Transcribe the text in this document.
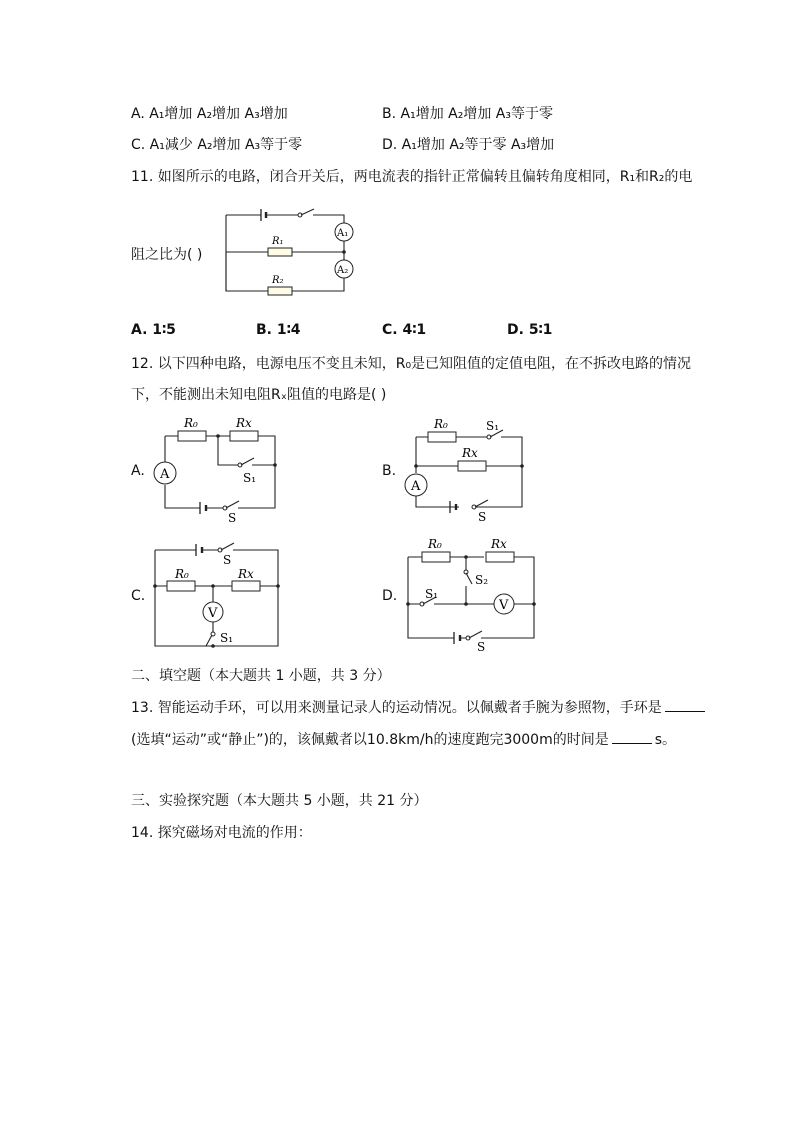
A. A₁增加 A₂增加 A₃增加	B. A₁增加 A₂增加 A₃等于零
C. A₁减少 A₂增加 A₃等于零	D. A₁增加 A₂等于零 A₃增加
11. 如图所示的电路，闭合开关后，两电流表的指针正常偏转且偏转角度相同，R₁和R₂的电
阻之比为( )
A₁
R₁
A₂
R₂
A. 1∶5	B. 1∶4	C. 4∶1	D. 5∶1
12. 以下四种电路，电源电压不变且未知，R₀是已知阻值的定值电阻，在不拆改电路的情况
下，不能测出未知电阻Rₓ阻值的电路是( )
A.
R₀	Rx
A	S₁
S
B.
R₀	S₁
Rx
A
S
C.
S
R₀	Rx
V
S₁
D.
R₀	Rx
S₂
S₁
V
S
二、填空题（本大题共 1 小题，共 3 分）
13. 智能运动手环，可以用来测量记录人的运动情况。以佩戴者手腕为参照物，手环是
(选填“运动”或“静止”)的，该佩戴者以10.8km/h的速度跑完3000m的时间是	s。
三、实验探究题（本大题共 5 小题，共 21 分）
14. 探究磁场对电流的作用：
